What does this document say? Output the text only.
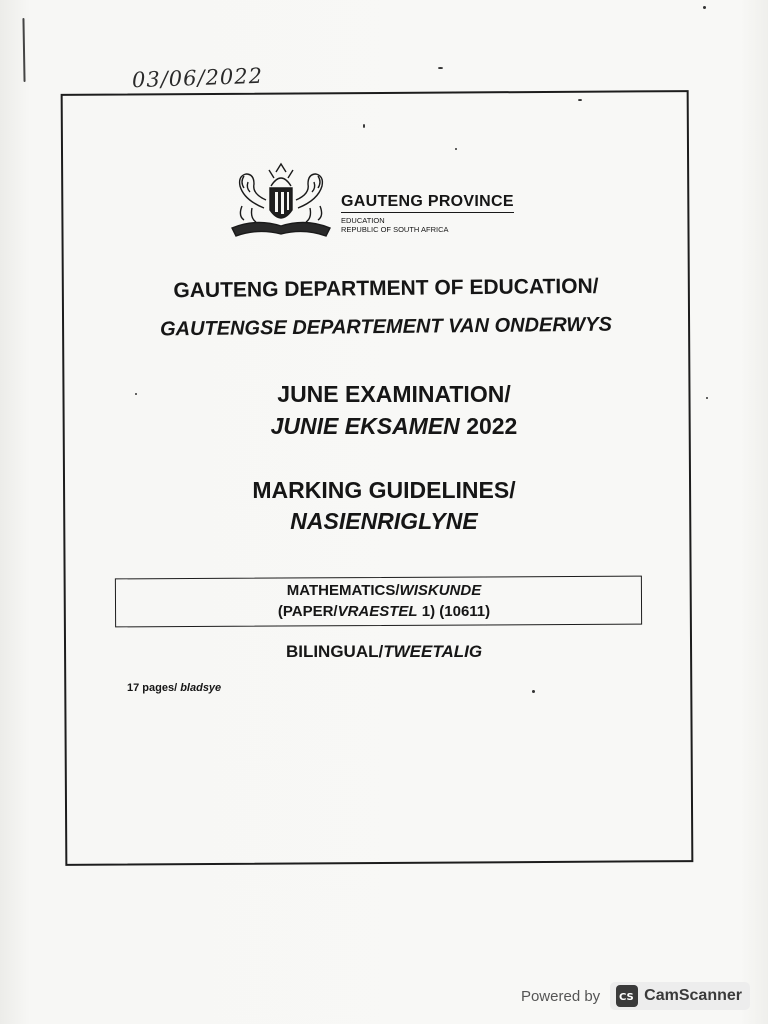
03/06/2022
GAUTENG PROVINCE
EDUCATION
REPUBLIC OF SOUTH AFRICA
GAUTENG DEPARTMENT OF EDUCATION/
GAUTENGSE DEPARTEMENT VAN ONDERWYS
JUNE EXAMINATION/
JUNIE EKSAMEN 2022
MARKING GUIDELINES/
NASIENRIGLYNE
MATHEMATICS/WISKUNDE
(PAPER/VRAESTEL 1) (10611)
BILINGUAL/TWEETALIG
17 pages/ bladsye
Powered by CS CamScanner
